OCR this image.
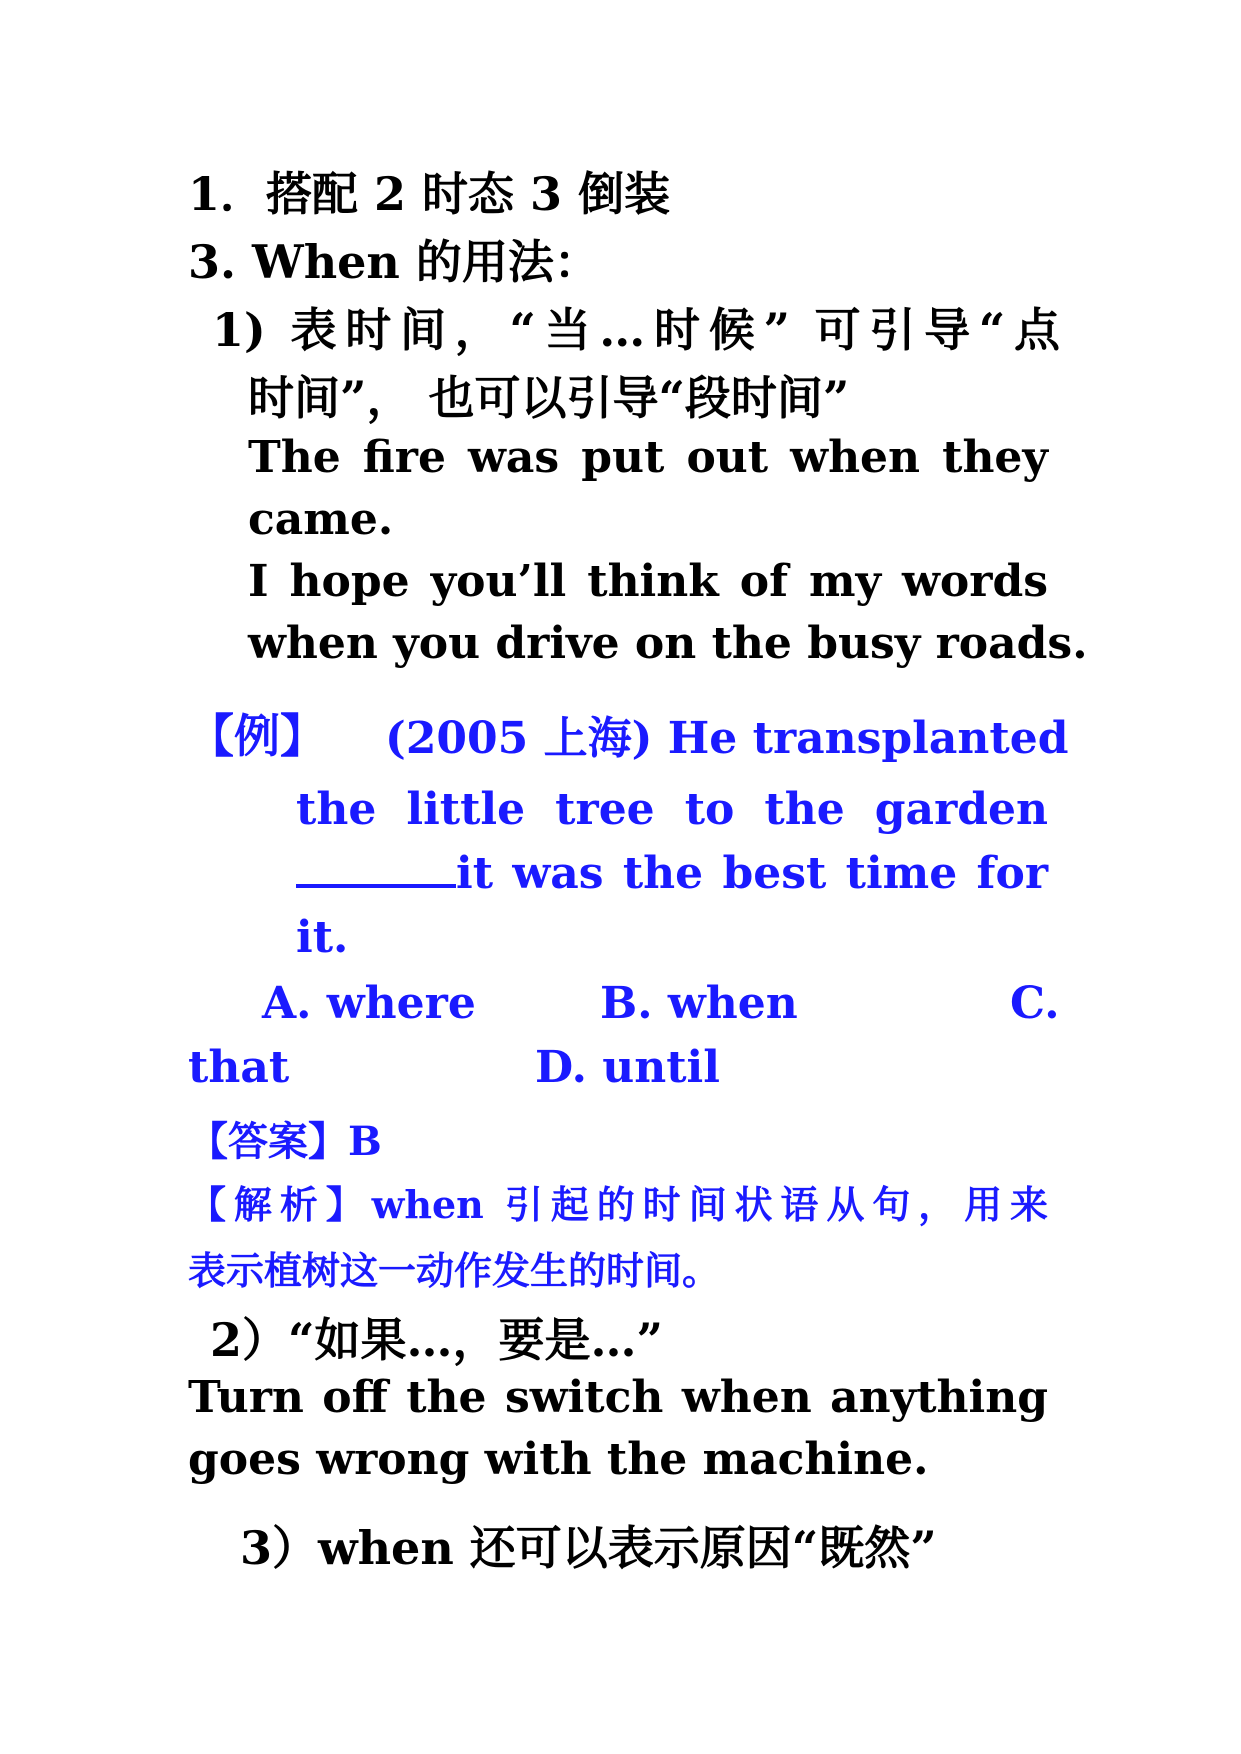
1．搭配 2 时态 3 倒装
3. When 的用法：
1) 表时间，“当…时候” 可引导“点
时间”， 也可以引导“段时间”
The fire was put out when they
came.
I hope you’ll think of my words
when you drive on the busy roads.
【例】 (2005 上海) He transplanted
the little tree to the garden
it was the best time for
it.
A. where	B. when	C.
that	D. until
【答案】B
【解析】when 引起的时间状语从句，用来
表示植树这一动作发生的时间。
2）“如果…，要是…”
Turn off the switch when anything
goes wrong with the machine.
3）when 还可以表示原因“既然”
